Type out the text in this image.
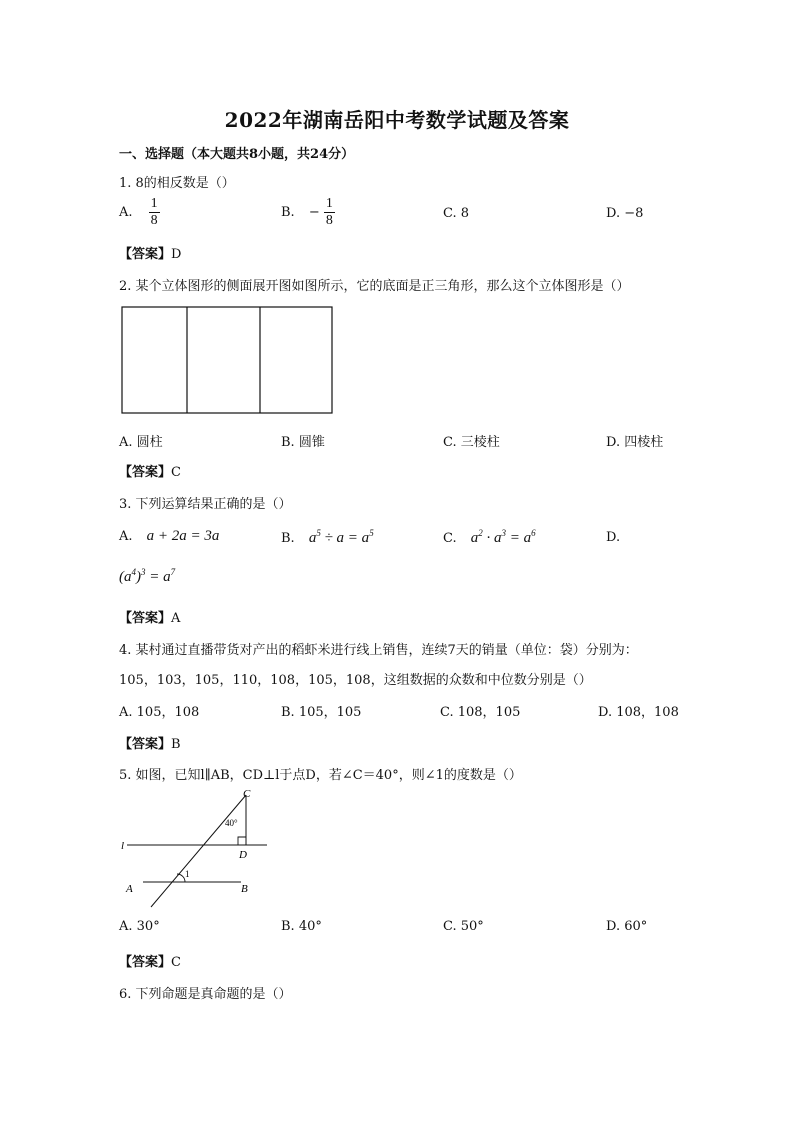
2022年湖南岳阳中考数学试题及答案
一、选择题（本大题共8小题，共24分）
1. 8的相反数是（）
A. $\frac{1}{8}$	B. − $\frac{1}{8}$	C. 8	D. −8
【答案】D
2. 某个立体图形的侧面展开图如图所示，它的底面是正三角形，那么这个立体图形是（）
A. 圆柱	B. 圆锥	C. 三棱柱	D. 四棱柱
【答案】C
3. 下列运算结果正确的是（）
A. a + 2a = 3a	B. $a^5 \div a = a^5$	C. $a^2 \cdot a^3 = a^6$	D.
$(a^4)^3 = a^7$
【答案】A
4. 某村通过直播带货对产出的稻虾米进行线上销售，连续7天的销量（单位：袋）分别为：
105，103，105，110，108，105，108，这组数据的众数和中位数分别是（）
A. 105，108	B. 105，105	C. 108，105	D. 108，108
【答案】B
5. 如图，已知l∥AB，CD⊥l于点D，若∠C＝40°，则∠1的度数是（）
C
40°
l
D
A	B
1
A. 30°	B. 40°	C. 50°	D. 60°
【答案】C
6. 下列命题是真命题的是（）
